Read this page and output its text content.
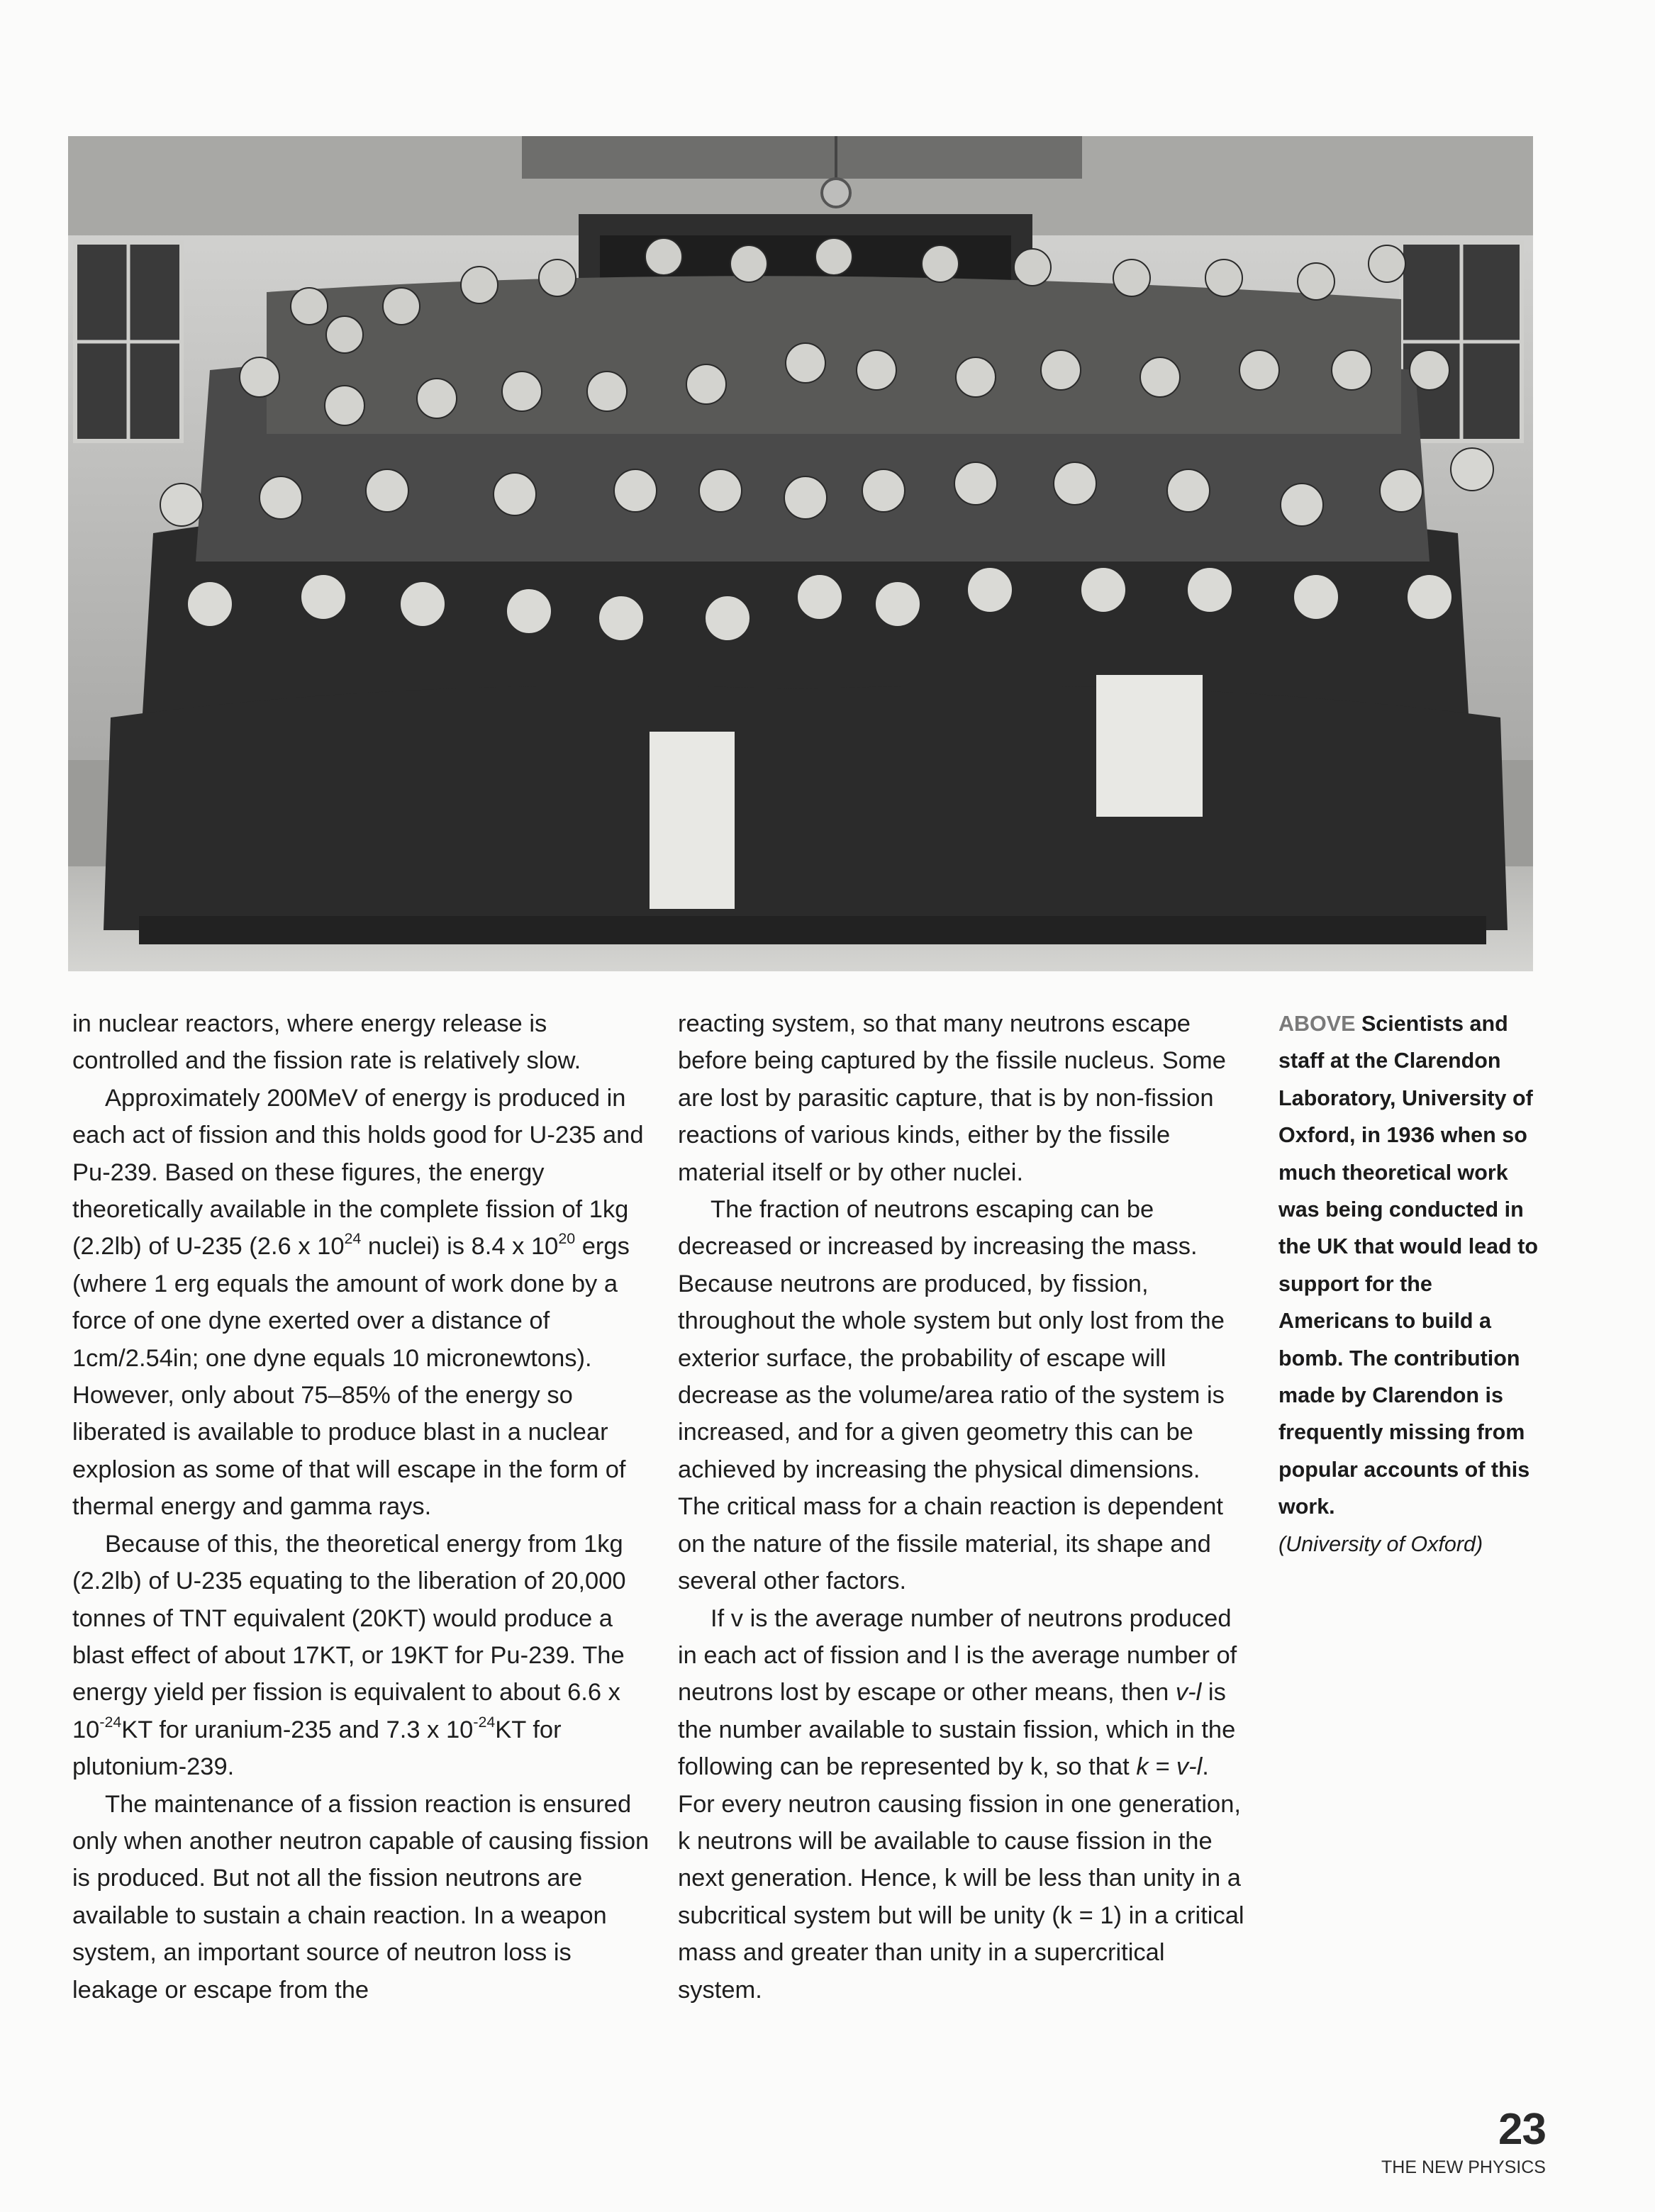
in nuclear reactors, where energy release is controlled and the fission rate is relatively slow.

Approximately 200MeV of energy is produced in each act of fission and this holds good for U-235 and Pu-239. Based on these figures, the energy theoretically available in the complete fission of 1kg (2.2lb) of U-235 (2.6 x $10^{24}$ nuclei) is 8.4 x $10^{20}$ ergs (where 1 erg equals the amount of work done by a force of one dyne exerted over a distance of 1cm/2.54in; one dyne equals 10 micronewtons). However, only about 75–85% of the energy so liberated is available to produce blast in a nuclear explosion as some of that will escape in the form of thermal energy and gamma rays.

Because of this, the theoretical energy from 1kg (2.2lb) of U-235 equating to the liberation of 20,000 tonnes of TNT equivalent (20KT) would produce a blast effect of about 17KT, or 19KT for Pu-239. The energy yield per fission is equivalent to about 6.6 x $10^{-24}KT$ for uranium-235 and 7.3 x $10^{-24}KT$ for plutonium-239.

The maintenance of a fission reaction is ensured only when another neutron capable of causing fission is produced. But not all the fission neutrons are available to sustain a chain reaction. In a weapon system, an important source of neutron loss is leakage or escape from the

reacting system, so that many neutrons escape before being captured by the fissile nucleus. Some are lost by parasitic capture, that is by non-fission reactions of various kinds, either by the fissile material itself or by other nuclei.

The fraction of neutrons escaping can be decreased or increased by increasing the mass. Because neutrons are produced, by fission, throughout the whole system but only lost from the exterior surface, the probability of escape will decrease as the volume/area ratio of the system is increased, and for a given geometry this can be achieved by increasing the physical dimensions. The critical mass for a chain reaction is dependent on the nature of the fissile material, its shape and several other factors.

If v is the average number of neutrons produced in each act of fission and l is the average number of neutrons lost by escape or other means, then v-l is the number available to sustain fission, which in the following can be represented by k, so that k = v-l. For every neutron causing fission in one generation, k neutrons will be available to cause fission in the next generation. Hence, k will be less than unity in a subcritical system but will be unity (k = 1) in a critical mass and greater than unity in a supercritical system.

ABOVE Scientists and staff at the Clarendon Laboratory, University of Oxford, in 1936 when so much theoretical work was being conducted in the UK that would lead to support for the Americans to build a bomb. The contribution made by Clarendon is frequently missing from popular accounts of this work.
(University of Oxford)
23
THE NEW PHYSICS
